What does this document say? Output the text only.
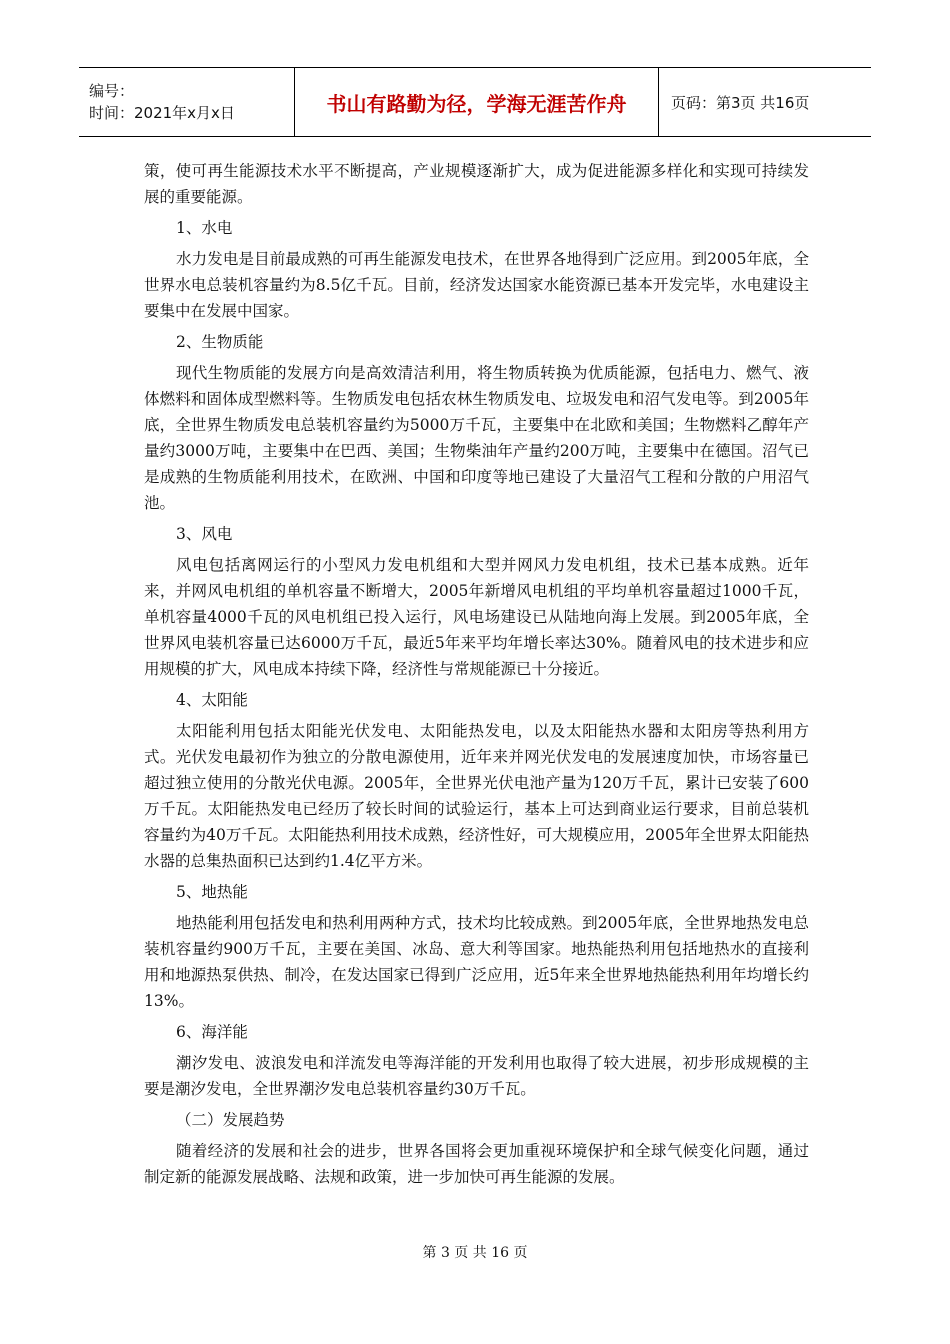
编号：
时间：2021年x月x日	书山有路勤为径，学海无涯苦作舟	页码：第3页 共16页

策，使可再生能源技术水平不断提高，产业规模逐渐扩大，成为促进能源多样化和实现可持续发展的重要能源。

1、水电

水力发电是目前最成熟的可再生能源发电技术，在世界各地得到广泛应用。到2005年底，全世界水电总装机容量约为8.5亿千瓦。目前，经济发达国家水能资源已基本开发完毕，水电建设主要集中在发展中国家。

2、生物质能

现代生物质能的发展方向是高效清洁利用，将生物质转换为优质能源，包括电力、燃气、液体燃料和固体成型燃料等。生物质发电包括农林生物质发电、垃圾发电和沼气发电等。到2005年底，全世界生物质发电总装机容量约为5000万千瓦，主要集中在北欧和美国；生物燃料乙醇年产量约3000万吨，主要集中在巴西、美国；生物柴油年产量约200万吨，主要集中在德国。沼气已是成熟的生物质能利用技术，在欧洲、中国和印度等地已建设了大量沼气工程和分散的户用沼气池。

3、风电

风电包括离网运行的小型风力发电机组和大型并网风力发电机组，技术已基本成熟。近年来，并网风电机组的单机容量不断增大，2005年新增风电机组的平均单机容量超过1000千瓦，单机容量4000千瓦的风电机组已投入运行，风电场建设已从陆地向海上发展。到2005年底，全世界风电装机容量已达6000万千瓦，最近5年来平均年增长率达30%。随着风电的技术进步和应用规模的扩大，风电成本持续下降，经济性与常规能源已十分接近。

4、太阳能

太阳能利用包括太阳能光伏发电、太阳能热发电，以及太阳能热水器和太阳房等热利用方式。光伏发电最初作为独立的分散电源使用，近年来并网光伏发电的发展速度加快，市场容量已超过独立使用的分散光伏电源。2005年，全世界光伏电池产量为120万千瓦，累计已安装了600万千瓦。太阳能热发电已经历了较长时间的试验运行，基本上可达到商业运行要求，目前总装机容量约为40万千瓦。太阳能热利用技术成熟，经济性好，可大规模应用，2005年全世界太阳能热水器的总集热面积已达到约1.4亿平方米。

5、地热能

地热能利用包括发电和热利用两种方式，技术均比较成熟。到2005年底，全世界地热发电总装机容量约900万千瓦，主要在美国、冰岛、意大利等国家。地热能热利用包括地热水的直接利用和地源热泵供热、制冷，在发达国家已得到广泛应用，近5年来全世界地热能热利用年均增长约13%。

6、海洋能

潮汐发电、波浪发电和洋流发电等海洋能的开发利用也取得了较大进展，初步形成规模的主要是潮汐发电，全世界潮汐发电总装机容量约30万千瓦。

（二）发展趋势

随着经济的发展和社会的进步，世界各国将会更加重视环境保护和全球气候变化问题，通过制定新的能源发展战略、法规和政策，进一步加快可再生能源的发展。

第 3 页 共 16 页
